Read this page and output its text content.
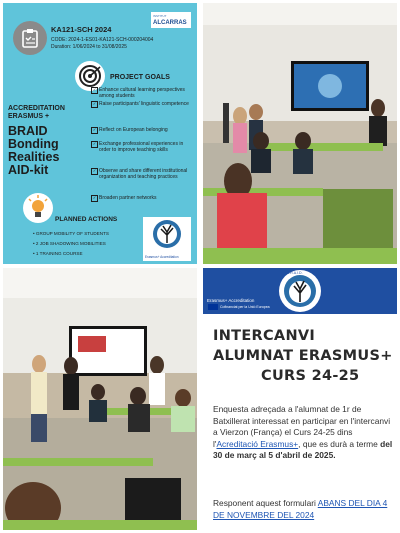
KA121-SCH 2024
CODE: 2024-1-ES01-KA121-SCH-000204004
Duration: 1/06/2024 to 31/08/2025
INSTITUT
ALCARRAS
PROJECT GOALS
✓ Enhance cultural learning perspectives among students
✓ Raise participants' linguistic competence
✓ Reflect on European belonging
✓ Exchange professional experiences in order to improve teaching skills
✓ Observe and share different institutional organization and teaching practices
✓ Broaden partner networks
ACCREDITATION
ERASMUS +
BRAID
Bonding
Realities
AID-kit
PLANNED ACTIONS
• GROUP MOBILITY OF STUDENTS
• 2 JOB SHADOWING MOBILITIES
• 1 TRAINING COURSE
Erasmus+ Accreditation
B.R.A.I.D.
Erasmus+ Accreditation
Cofinanciat per la Unió Europea
INTERCANVI
ALUMNAT ERASMUS+
CURS 24-25
Enquesta adreçada a l'alumnat de 1r de Batxillerat interessat en participar en l'intercanvi a Vierzon (França) el Curs 24-25 dins l'Acreditació Erasmus+, que es durà a terme del 30 de març al 5 d'abril de 2025.
Responent aquest formulari ABANS DEL DIA 4 DE NOVEMBRE DEL 2024
